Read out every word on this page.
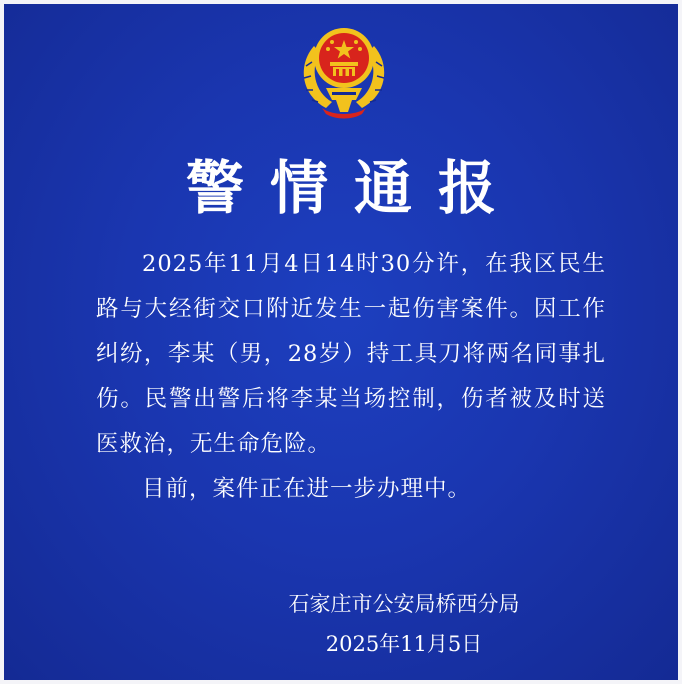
警情通报

2025年11月4日14时30分许，在我区民生路与大经街交口附近发生一起伤害案件。因工作纠纷，李某（男，28岁）持工具刀将两名同事扎伤。民警出警后将李某当场控制，伤者被及时送医救治，无生命危险。

目前，案件正在进一步办理中。

石家庄市公安局桥西分局
2025年11月5日
